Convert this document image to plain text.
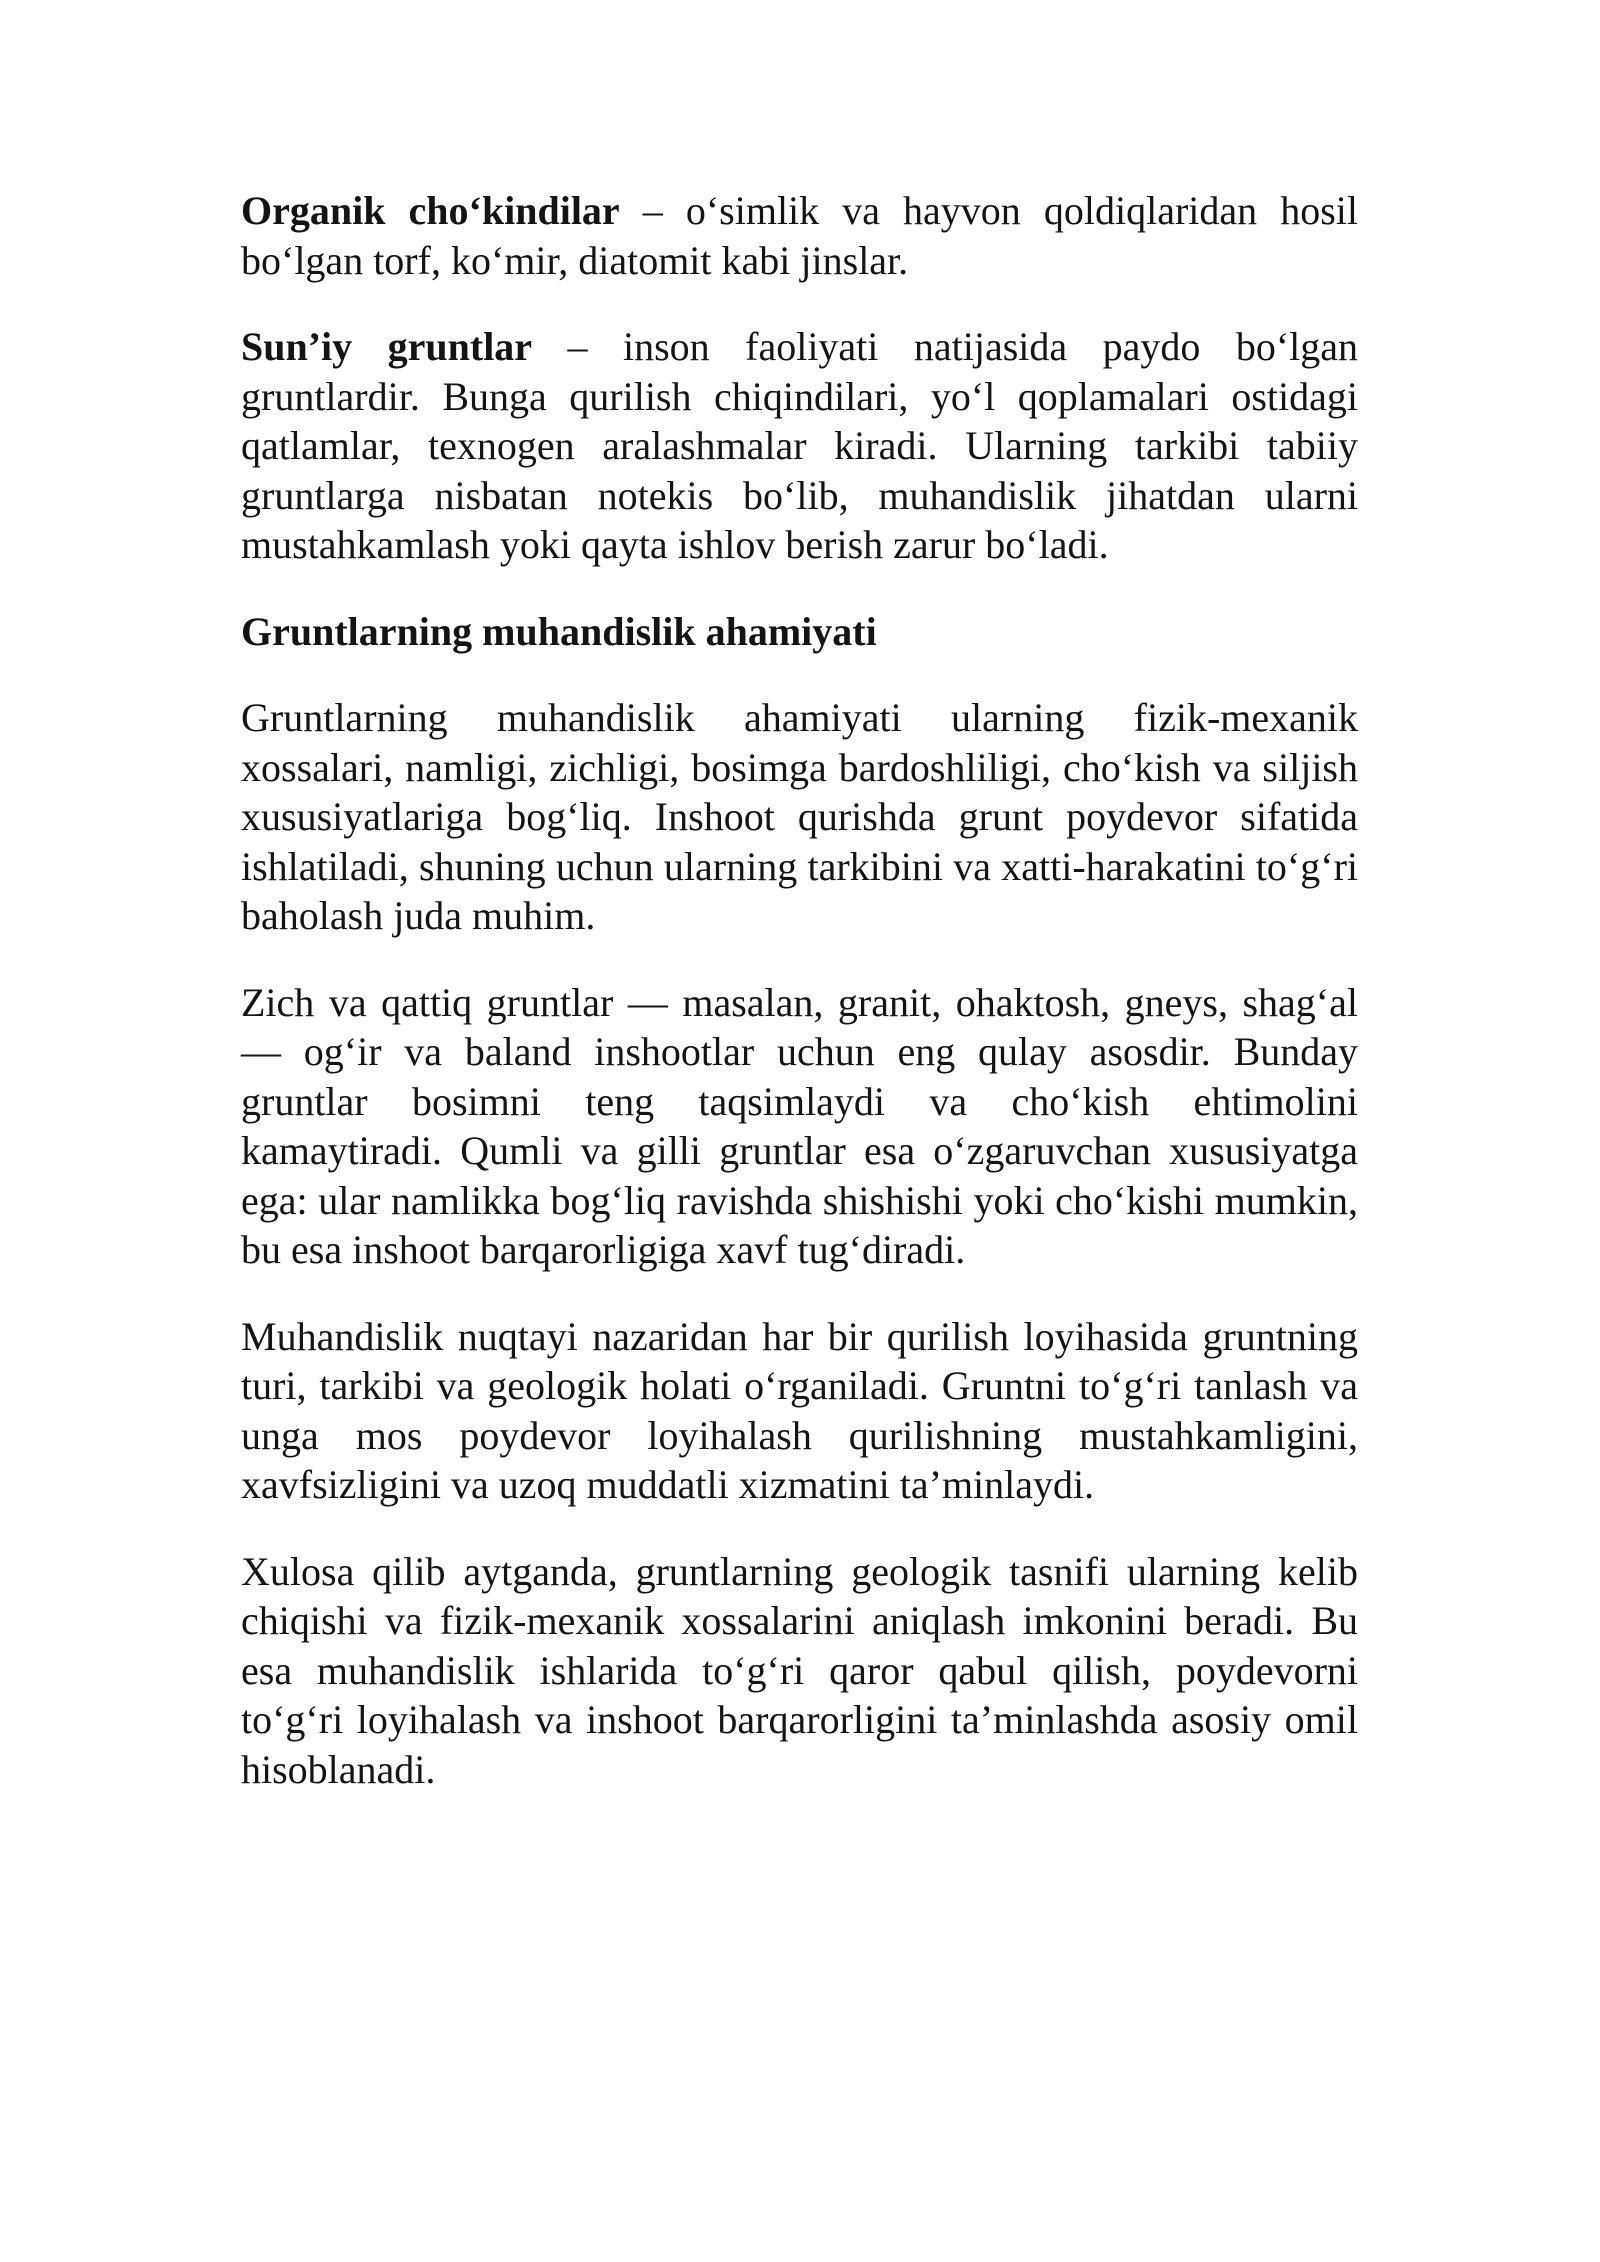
Organik cho‘kindilar – o‘simlik va hayvon qoldiqlaridan hosil bo‘lgan torf, ko‘mir, diatomit kabi jinslar.

Sun’iy gruntlar – inson faoliyati natijasida paydo bo‘lgan gruntlardir. Bunga qurilish chiqindilari, yo‘l qoplamalari ostidagi qatlamlar, texnogen aralashmalar kiradi. Ularning tarkibi tabiiy gruntlarga nisbatan notekis bo‘lib, muhandislik jihatdan ularni mustahkamlash yoki qayta ishlov berish zarur bo‘ladi.

Gruntlarning muhandislik ahamiyati

Gruntlarning muhandislik ahamiyati ularning fizik-mexanik xossalari, namligi, zichligi, bosimga bardoshliligi, cho‘kish va siljish xususiyatlariga bog‘liq. Inshoot qurishda grunt poydevor sifatida ishlatiladi, shuning uchun ularning tarkibini va xatti-harakatini to‘g‘ri baholash juda muhim.

Zich va qattiq gruntlar — masalan, granit, ohaktosh, gneys, shag‘al — og‘ir va baland inshootlar uchun eng qulay asosdir. Bunday gruntlar bosimni teng taqsimlaydi va cho‘kish ehtimolini kamaytiradi. Qumli va gilli gruntlar esa o‘zgaruvchan xususiyatga ega: ular namlikka bog‘liq ravishda shishishi yoki cho‘kishi mumkin, bu esa inshoot barqarorligiga xavf tug‘diradi.

Muhandislik nuqtayi nazaridan har bir qurilish loyihasida gruntning turi, tarkibi va geologik holati o‘rganiladi. Gruntni to‘g‘ri tanlash va unga mos poydevor loyihalash qurilishning mustahkamligini, xavfsizligini va uzoq muddatli xizmatini ta’minlaydi.

Xulosa qilib aytganda, gruntlarning geologik tasnifi ularning kelib chiqishi va fizik-mexanik xossalarini aniqlash imkonini beradi. Bu esa muhandislik ishlarida to‘g‘ri qaror qabul qilish, poydevorni to‘g‘ri loyihalash va inshoot barqarorligini ta’minlashda asosiy omil hisoblanadi.
